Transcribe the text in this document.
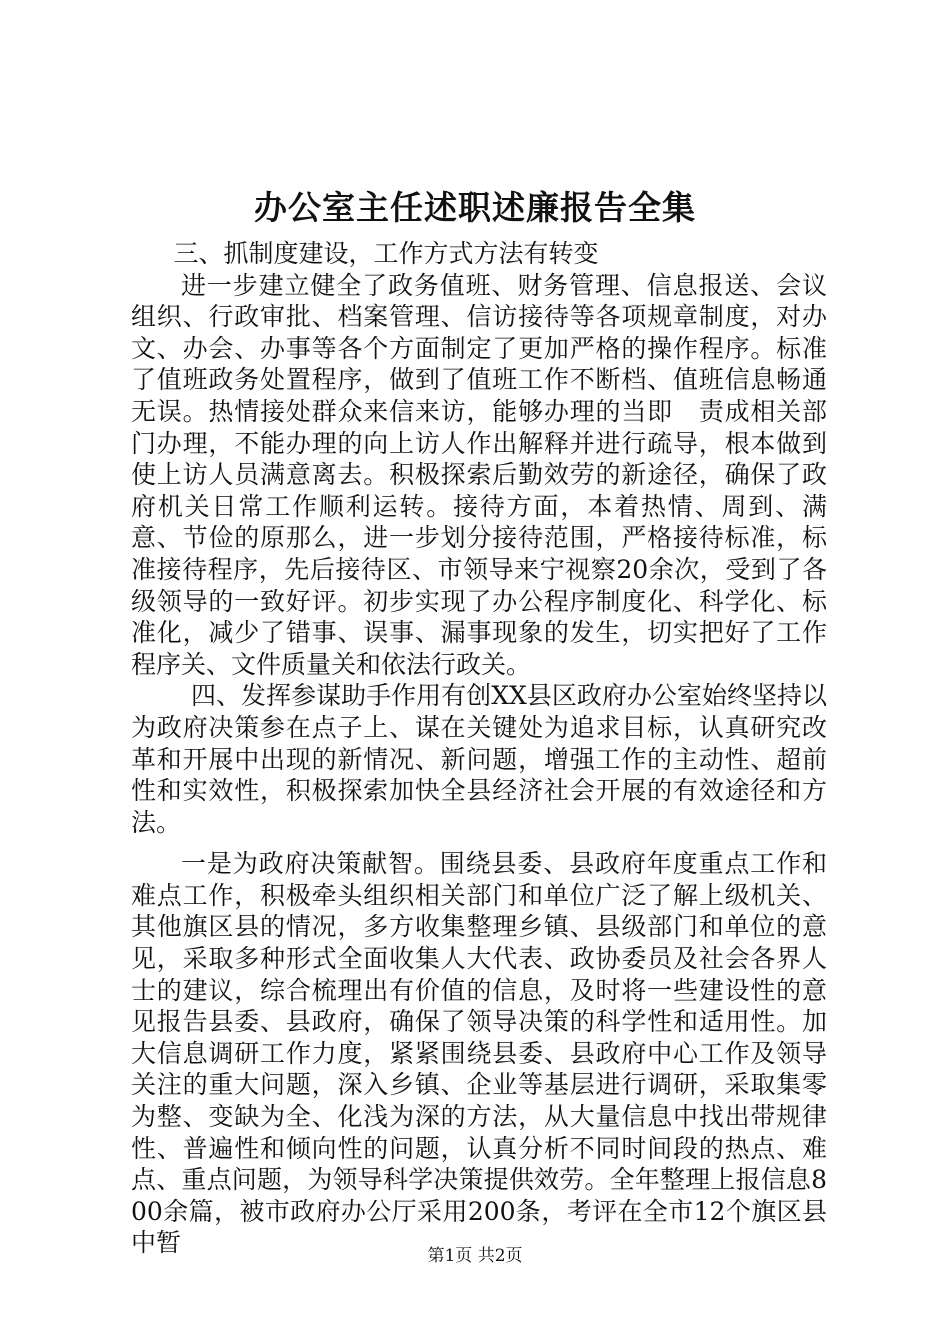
办公室主任述职述廉报告全集

三、抓制度建设，工作方式方法有转变

进一步建立健全了政务值班、财务管理、信息报送、会议组织、行政审批、档案管理、信访接待等各项规章制度，对办文、办会、办事等各个方面制定了更加严格的操作程序。标准了值班政务处置程序，做到了值班工作不断档、值班信息畅通无误。热情接处群众来信来访，能够办理的当即　责成相关部门办理，不能办理的向上访人作出解释并进行疏导，根本做到使上访人员满意离去。积极探索后勤效劳的新途径，确保了政府机关日常工作顺利运转。接待方面，本着热情、周到、满意、节俭的原那么，进一步划分接待范围，严格接待标准，标准接待程序，先后接待区、市领导来宁视察20余次，受到了各级领导的一致好评。初步实现了办公程序制度化、科学化、标准化，减少了错事、误事、漏事现象的发生，切实把好了工作程序关、文件质量关和依法行政关。

四、发挥参谋助手作用有创XX县区政府办公室始终坚持以为政府决策参在点子上、谋在关键处为追求目标，认真研究改革和开展中出现的新情况、新问题，增强工作的主动性、超前性和实效性，积极探索加快全县经济社会开展的有效途径和方法。

一是为政府决策献智。围绕县委、县政府年度重点工作和难点工作，积极牵头组织相关部门和单位广泛了解上级机关、其他旗区县的情况，多方收集整理乡镇、县级部门和单位的意见，采取多种形式全面收集人大代表、政协委员及社会各界人士的建议，综合梳理出有价值的信息，及时将一些建设性的意见报告县委、县政府，确保了领导决策的科学性和适用性。加大信息调研工作力度，紧紧围绕县委、县政府中心工作及领导关注的重大问题，深入乡镇、企业等基层进行调研，采取集零为整、变缺为全、化浅为深的方法，从大量信息中找出带规律性、普遍性和倾向性的问题，认真分析不同时间段的热点、难点、重点问题，为领导科学决策提供效劳。全年整理上报信息800余篇，被市政府办公厅采用200条，考评在全市12个旗区县中暂	第1页 共2页
